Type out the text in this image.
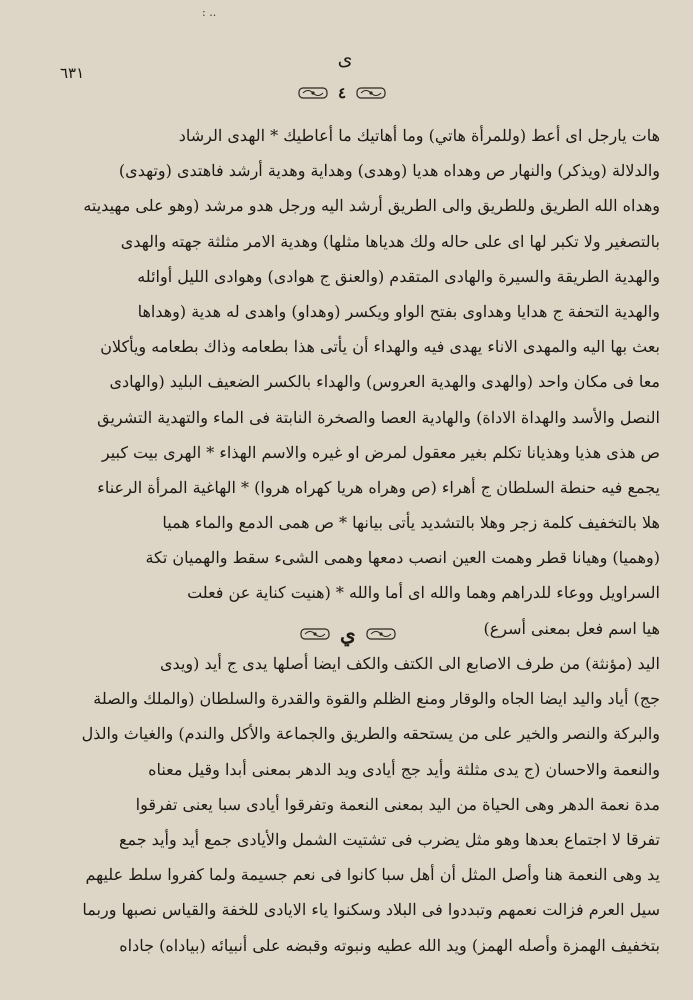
: ..
ى
٦٣١
٤
هات يارجل اى أعط (وللمرأة هاتي) وما أهاتيك ما أعاطيك * الهدى الرشاد
والدلالة (ويذكر) والنهار ص وهداه هديا (وهدى) وهداية وهدية أرشد فاهتدى (وتهدى)
وهداه الله الطريق وللطريق والى الطريق أرشد اليه ورجل هدو مرشد (وهو على مهيديته
بالتصغير ولا تكبر لها اى على حاله ولك هدياها مثلها) وهدية الامر مثلثة جهته والهدى
والهدية الطريقة والسيرة والهادى المتقدم (والعنق ج هوادى) وهوادى الليل أوائله
والهدية التحفة ج هدايا وهداوى بفتح الواو ويكسر (وهداو) واهدى له هدية (وهداها
بعث بها اليه والمهدى الاناء يهدى فيه والهداء أن يأتى هذا بطعامه وذاك بطعامه ويأكلان
معا فى مكان واحد (والهدى والهدية العروس) والهداء بالكسر الضعيف البليد (والهادى
النصل والأسد والهداة الاداة) والهادية العصا والصخرة النابتة فى الماء والتهدية التشريق
ص هذى هذيا وهذيانا تكلم بغير معقول لمرض او غيره والاسم الهذاء * الهرى بيت كبير
يجمع فيه حنطة السلطان ج أهراء (ص وهراه هريا كهراه هروا) * الهاغية المرأة الرعناء
هلا بالتخفيف كلمة زجر وهلا بالتشديد يأتى بيانها * ص همى الدمع والماء هميا
(وهميا) وهيانا قطر وهمت العين انصب دمعها وهمى الشىء سقط والهميان تكة
السراويل ووعاء للدراهم وهما والله اى أما والله * (هنيت كناية عن فعلت
هيا اسم فعل بمعنى أسرع)
ي
اليد (مؤنثة) من طرف الاصابع الى الكتف والكف ايضا أصلها يدى ج أيد (ويدى
جج) أياد واليد ايضا الجاه والوقار ومنع الظلم والقوة والقدرة والسلطان (والملك والصلة
والبركة والنصر والخير على من يستحقه والطريق والجماعة والأكل والندم) والغياث والذل
والنعمة والاحسان (ج يدى مثلثة وأيد جج أيادى ويد الدهر بمعنى أبدا وقيل معناه
مدة نعمة الدهر وهى الحياة من اليد بمعنى النعمة وتفرقوا أيادى سبا يعنى تفرقوا
تفرقا لا اجتماع بعدها وهو مثل يضرب فى تشتيت الشمل والأيادى جمع أيد وأيد جمع
يد وهى النعمة هنا وأصل المثل أن أهل سبا كانوا فى نعم جسيمة ولما كفروا سلط عليهم
سيل العرم فزالت نعمهم وتبددوا فى البلاد وسكنوا ياء الايادى للخفة والقياس نصبها وربما
بتخفيف الهمزة وأصله الهمز) ويد الله عطيه ونبوته وقبضه على أنبيائه (بياداه) جاداه
